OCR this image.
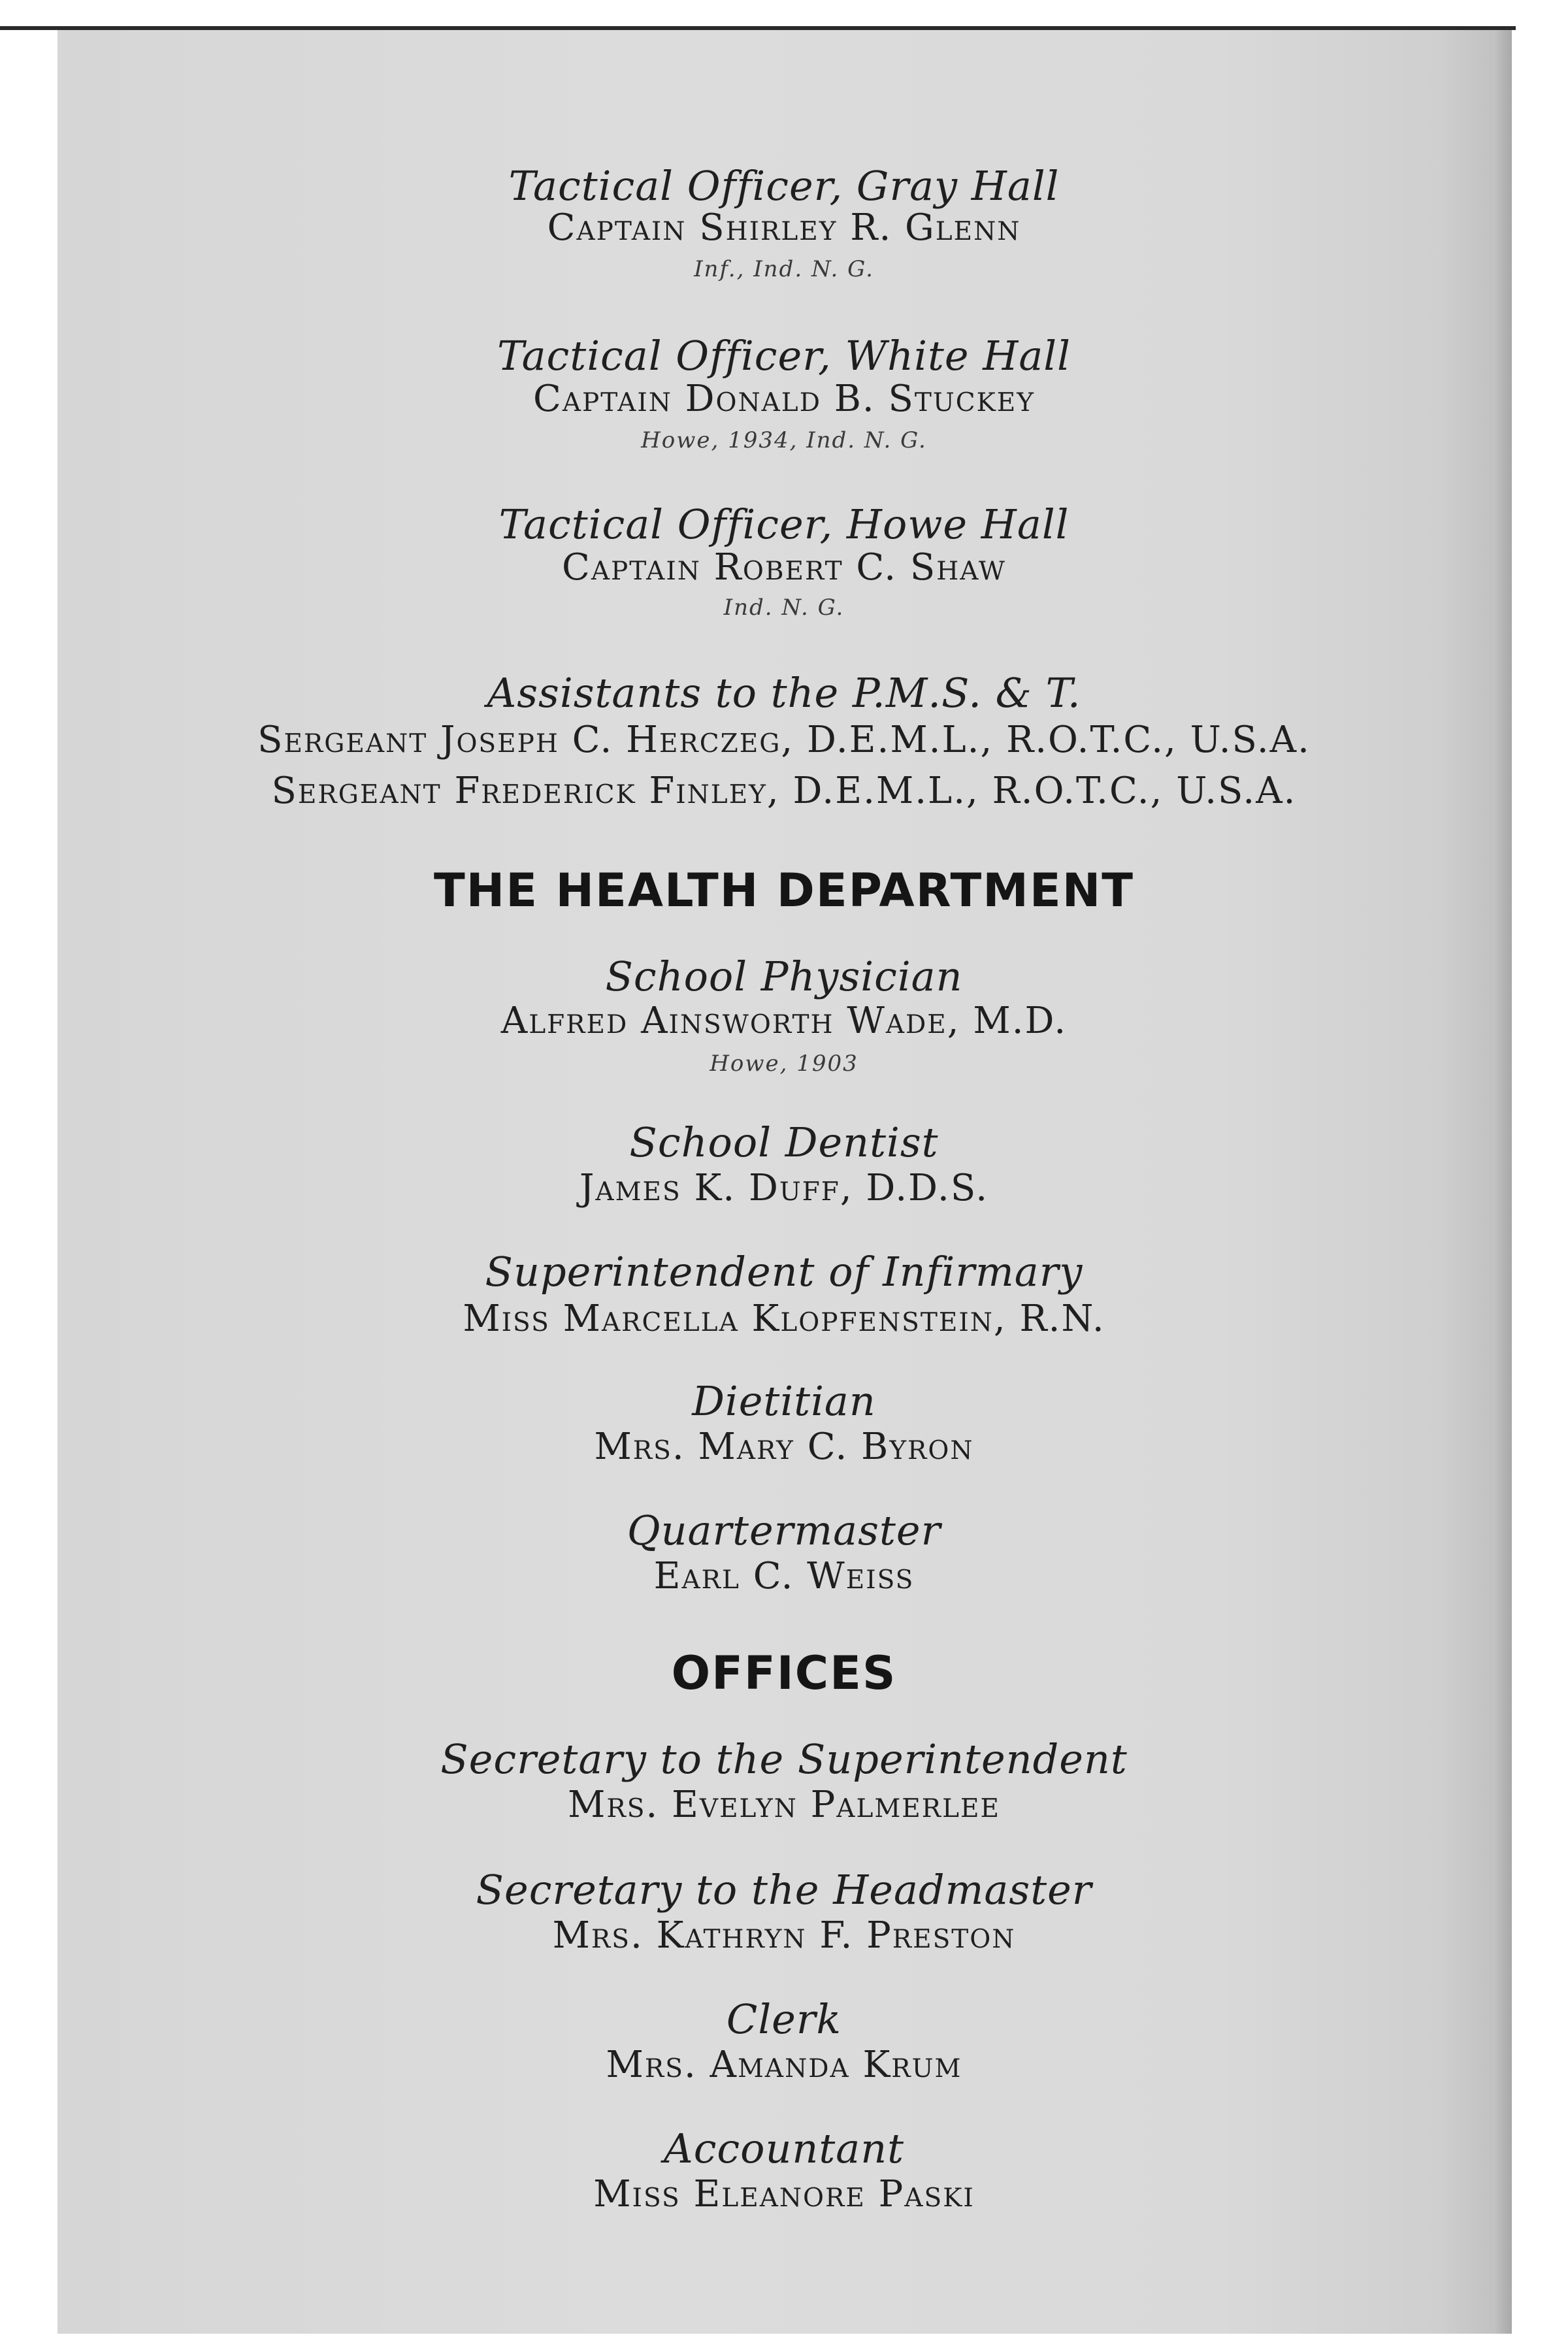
Tactical Officer, Gray Hall
Captain Shirley R. Glenn
Inf., Ind. N. G.
Tactical Officer, White Hall
Captain Donald B. Stuckey
Howe, 1934, Ind. N. G.
Tactical Officer, Howe Hall
Captain Robert C. Shaw
Ind. N. G.
Assistants to the P.M.S. & T.
Sergeant Joseph C. Herczeg, D.E.M.L., R.O.T.C., U.S.A.
Sergeant Frederick Finley, D.E.M.L., R.O.T.C., U.S.A.
THE HEALTH DEPARTMENT
School Physician
Alfred Ainsworth Wade, M.D.
Howe, 1903
School Dentist
James K. Duff, D.D.S.
Superintendent of Infirmary
Miss Marcella Klopfenstein, R.N.
Dietitian
Mrs. Mary C. Byron
Quartermaster
Earl C. Weiss
OFFICES
Secretary to the Superintendent
Mrs. Evelyn Palmerlee
Secretary to the Headmaster
Mrs. Kathryn F. Preston
Clerk
Mrs. Amanda Krum
Accountant
Miss Eleanore Paski
